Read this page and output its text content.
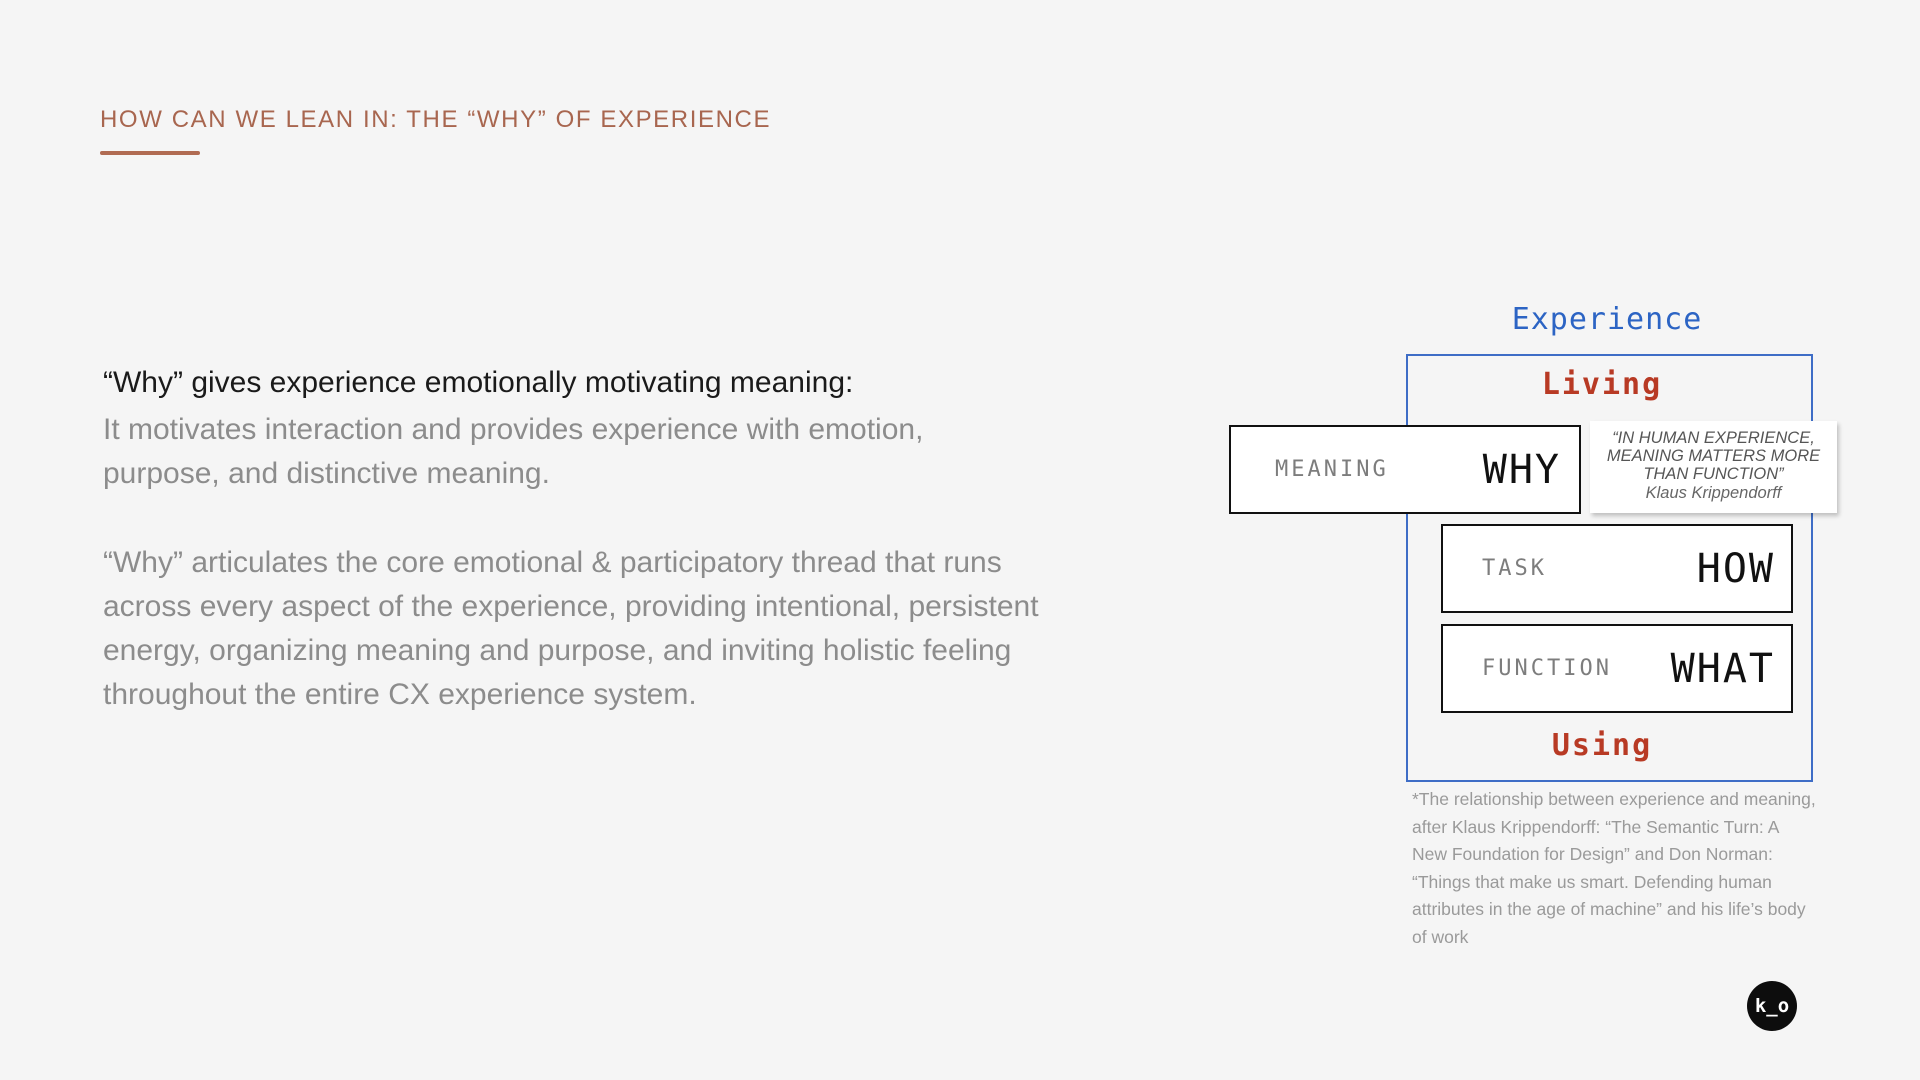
HOW CAN WE LEAN IN: THE “WHY” OF EXPERIENCE
“Why” gives experience emotionally motivating meaning:
It motivates interaction and provides experience with emotion, purpose, and distinctive meaning.
“Why” articulates the core emotional & participatory thread that runs across every aspect of the experience, providing intentional, persistent energy, organizing meaning and purpose, and inviting holistic feeling throughout the entire CX experience system.
Experience
Living
MEANING WHY
“IN HUMAN EXPERIENCE, MEANING MATTERS MORE THAN FUNCTION”
Klaus Krippendorff
TASK	HOW
FUNCTION WHAT
Using
*The relationship between experience and meaning, after Klaus Krippendorff: “The Semantic Turn: A New Foundation for Design” and Don Norman: “Things that make us smart. Defending human attributes in the age of machine” and his life’s body of work
k_o
